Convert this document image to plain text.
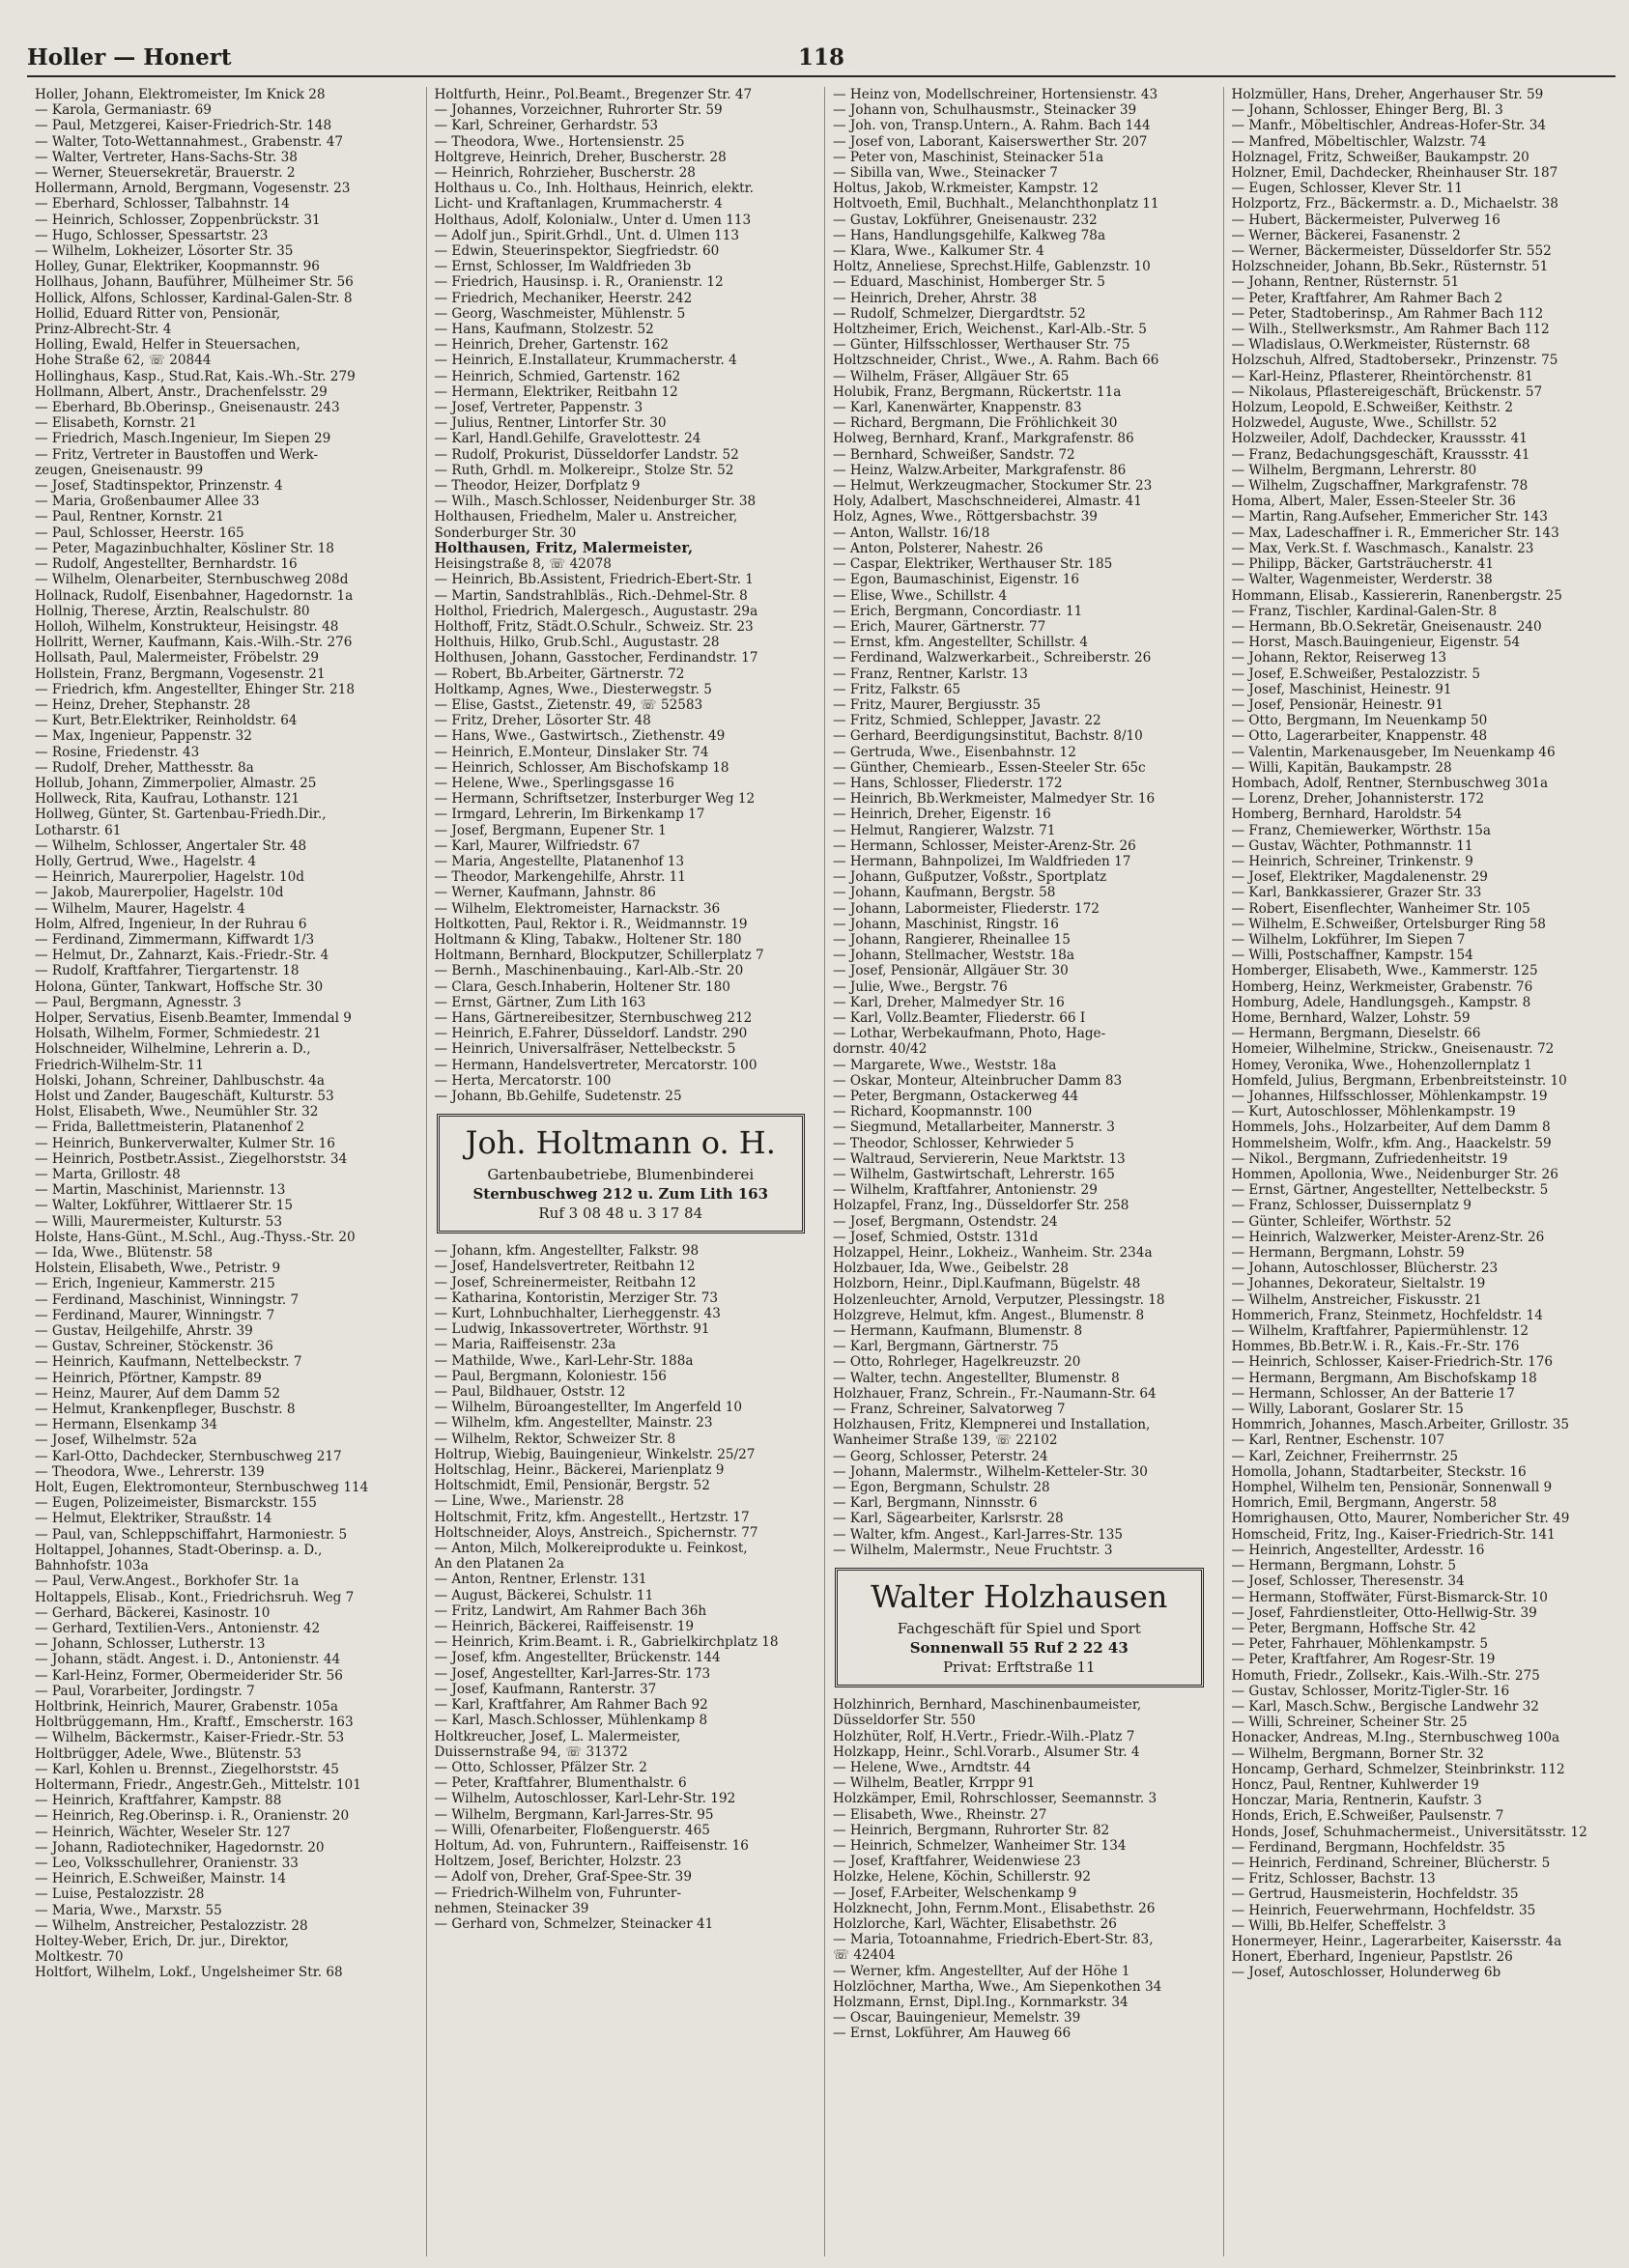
Holler — Honert	118
Holler, Johann, Elektromeister, Im Knick 28
— Karola, Germaniastr. 69
— Paul, Metzgerei, Kaiser-Friedrich-Str. 148
— Walter, Toto-Wettannahmest., Grabenstr. 47
— Walter, Vertreter, Hans-Sachs-Str. 38
— Werner, Steuersekretär, Brauerstr. 2
Hollermann, Arnold, Bergmann, Vogesenstr. 23
— Eberhard, Schlosser, Talbahnstr. 14
— Heinrich, Schlosser, Zoppenbrückstr. 31
— Hugo, Schlosser, Spessartstr. 23
— Wilhelm, Lokheizer, Lösorter Str. 35
Holley, Gunar, Elektriker, Koopmannstr. 96
Hollhaus, Johann, Bauführer, Mülheimer Str. 56
Hollick, Alfons, Schlosser, Kardinal-Galen-Str. 8
Hollid, Eduard Ritter von, Pensionär,
Prinz-Albrecht-Str. 4
Holling, Ewald, Helfer in Steuersachen,
Hohe Straße 62, ☏ 20844
Hollinghaus, Kasp., Stud.Rat, Kais.-Wh.-Str. 279
Hollmann, Albert, Anstr., Drachenfelsstr. 29
— Eberhard, Bb.Oberinsp., Gneisenaustr. 243
— Elisabeth, Kornstr. 21
— Friedrich, Masch.Ingenieur, Im Siepen 29
— Fritz, Vertreter in Baustoffen und Werk-
zeugen, Gneisenaustr. 99
— Josef, Stadtinspektor, Prinzenstr. 4
— Maria, Großenbaumer Allee 33
— Paul, Rentner, Kornstr. 21
— Paul, Schlosser, Heerstr. 165
— Peter, Magazinbuchhalter, Kösliner Str. 18
— Rudolf, Angestellter, Bernhardstr. 16
— Wilhelm, Olenarbeiter, Sternbuschweg 208d
Hollnack, Rudolf, Eisenbahner, Hagedornstr. 1a
Hollnig, Therese, Ärztin, Realschulstr. 80
Holloh, Wilhelm, Konstrukteur, Heisingstr. 48
Hollritt, Werner, Kaufmann, Kais.-Wilh.-Str. 276
Hollsath, Paul, Malermeister, Fröbelstr. 29
Hollstein, Franz, Bergmann, Vogesenstr. 21
— Friedrich, kfm. Angestellter, Ehinger Str. 218
— Heinz, Dreher, Stephanstr. 28
— Kurt, Betr.Elektriker, Reinholdstr. 64
— Max, Ingenieur, Pappenstr. 32
— Rosine, Friedenstr. 43
— Rudolf, Dreher, Matthesstr. 8a
Hollub, Johann, Zimmerpolier, Almastr. 25
Hollweck, Rita, Kaufrau, Lothanstr. 121
Hollweg, Günter, St. Gartenbau-Friedh.Dir.,
Lotharstr. 61
— Wilhelm, Schlosser, Angertaler Str. 48
Holly, Gertrud, Wwe., Hagelstr. 4
— Heinrich, Maurerpolier, Hagelstr. 10d
— Jakob, Maurerpolier, Hagelstr. 10d
— Wilhelm, Maurer, Hagelstr. 4
Holm, Alfred, Ingenieur, In der Ruhrau 6
— Ferdinand, Zimmermann, Kiffwardt 1/3
— Helmut, Dr., Zahnarzt, Kais.-Friedr.-Str. 4
— Rudolf, Kraftfahrer, Tiergartenstr. 18
Holona, Günter, Tankwart, Hoffsche Str. 30
— Paul, Bergmann, Agnesstr. 3
Holper, Servatius, Eisenb.Beamter, Immendal 9
Holsath, Wilhelm, Former, Schmiedestr. 21
Holschneider, Wilhelmine, Lehrerin a. D.,
Friedrich-Wilhelm-Str. 11
Holski, Johann, Schreiner, Dahlbuschstr. 4a
Holst und Zander, Baugeschäft, Kulturstr. 53
Holst, Elisabeth, Wwe., Neumühler Str. 32
— Frida, Ballettmeisterin, Platanenhof 2
— Heinrich, Bunkerverwalter, Kulmer Str. 16
— Heinrich, Postbetr.Assist., Ziegelhorststr. 34
— Marta, Grillostr. 48
— Martin, Maschinist, Mariennstr. 13
— Walter, Lokführer, Wittlaerer Str. 15
— Willi, Maurermeister, Kulturstr. 53
Holste, Hans-Günt., M.Schl., Aug.-Thyss.-Str. 20
— Ida, Wwe., Blütenstr. 58
Holstein, Elisabeth, Wwe., Petristr. 9
— Erich, Ingenieur, Kammerstr. 215
— Ferdinand, Maschinist, Winningstr. 7
— Ferdinand, Maurer, Winningstr. 7
— Gustav, Heilgehilfe, Ahrstr. 39
— Gustav, Schreiner, Stöckenstr. 36
— Heinrich, Kaufmann, Nettelbeckstr. 7
— Heinrich, Pförtner, Kampstr. 89
— Heinz, Maurer, Auf dem Damm 52
— Helmut, Krankenpfleger, Buschstr. 8
— Hermann, Elsenkamp 34
— Josef, Wilhelmstr. 52a
— Karl-Otto, Dachdecker, Sternbuschweg 217
— Theodora, Wwe., Lehrerstr. 139
Holt, Eugen, Elektromonteur, Sternbuschweg 114
— Eugen, Polizeimeister, Bismarckstr. 155
— Helmut, Elektriker, Straußstr. 14
— Paul, van, Schleppschiffahrt, Harmoniestr. 5
Holtappel, Johannes, Stadt-Oberinsp. a. D.,
Bahnhofstr. 103a
— Paul, Verw.Angest., Borkhofer Str. 1a
Holtappels, Elisab., Kont., Friedrichsruh. Weg 7
— Gerhard, Bäckerei, Kasinostr. 10
— Gerhard, Textilien-Vers., Antonienstr. 42
— Johann, Schlosser, Lutherstr. 13
— Johann, städt. Angest. i. D., Antonienstr. 44
— Karl-Heinz, Former, Obermeiderider Str. 56
— Paul, Vorarbeiter, Jordingstr. 7
Holtbrink, Heinrich, Maurer, Grabenstr. 105a
Holtbrüggemann, Hm., Kraftf., Emscherstr. 163
— Wilhelm, Bäckermstr., Kaiser-Friedr.-Str. 53
Holtbrügger, Adele, Wwe., Blütenstr. 53
— Karl, Kohlen u. Brennst., Ziegelhorststr. 45
Holtermann, Friedr., Angestr.Geh., Mittelstr. 101
— Heinrich, Kraftfahrer, Kampstr. 88
— Heinrich, Reg.Oberinsp. i. R., Oranienstr. 20
— Heinrich, Wächter, Weseler Str. 127
— Johann, Radiotechniker, Hagedornstr. 20
— Leo, Volksschullehrer, Oranienstr. 33
— Heinrich, E.Schweißer, Mainstr. 14
— Luise, Pestalozzistr. 28
— Maria, Wwe., Marxstr. 55
— Wilhelm, Anstreicher, Pestalozzistr. 28
Holtey-Weber, Erich, Dr. jur., Direktor,
Moltkestr. 70
Holtfort, Wilhelm, Lokf., Ungelsheimer Str. 68
Holtfurth, Heinr., Pol.Beamt., Bregenzer Str. 47
— Johannes, Vorzeichner, Ruhrorter Str. 59
— Karl, Schreiner, Gerhardstr. 53
— Theodora, Wwe., Hortensienstr. 25
Holtgreve, Heinrich, Dreher, Buscherstr. 28
— Heinrich, Rohrzieher, Buscherstr. 28
Holthaus u. Co., Inh. Holthaus, Heinrich, elektr.
Licht- und Kraftanlagen, Krummacherstr. 4
Holthaus, Adolf, Kolonialw., Unter d. Umen 113
— Adolf jun., Spirit.Grhdl., Unt. d. Ulmen 113
— Edwin, Steuerinspektor, Siegfriedstr. 60
— Ernst, Schlosser, Im Waldfrieden 3b
— Friedrich, Hausinsp. i. R., Oranienstr. 12
— Friedrich, Mechaniker, Heerstr. 242
— Georg, Waschmeister, Mühlenstr. 5
— Hans, Kaufmann, Stolzestr. 52
— Heinrich, Dreher, Gartenstr. 162
— Heinrich, E.Installateur, Krummacherstr. 4
— Heinrich, Schmied, Gartenstr. 162
— Hermann, Elektriker, Reitbahn 12
— Josef, Vertreter, Pappenstr. 3
— Julius, Rentner, Lintorfer Str. 30
— Karl, Handl.Gehilfe, Gravelottestr. 24
— Rudolf, Prokurist, Düsseldorfer Landstr. 52
— Ruth, Grhdl. m. Molkereipr., Stolze Str. 52
— Theodor, Heizer, Dorfplatz 9
— Wilh., Masch.Schlosser, Neidenburger Str. 38
Holthausen, Friedhelm, Maler u. Anstreicher,
Sonderburger Str. 30
Holthausen, Fritz, Malermeister,
Heisingstraße 8, ☏ 42078
— Heinrich, Bb.Assistent, Friedrich-Ebert-Str. 1
— Martin, Sandstrahlbläs., Rich.-Dehmel-Str. 8
Holthol, Friedrich, Malergesch., Augustastr. 29a
Holthoff, Fritz, Städt.O.Schulr., Schweiz. Str. 23
Holthuis, Hilko, Grub.Schl., Augustastr. 28
Holthusen, Johann, Gasstocher, Ferdinandstr. 17
— Robert, Bb.Arbeiter, Gärtnerstr. 72
Holtkamp, Agnes, Wwe., Diesterwegstr. 5
— Elise, Gastst., Zietenstr. 49, ☏ 52583
— Fritz, Dreher, Lösorter Str. 48
— Hans, Wwe., Gastwirtsch., Ziethenstr. 49
— Heinrich, E.Monteur, Dinslaker Str. 74
— Heinrich, Schlosser, Am Bischofskamp 18
— Helene, Wwe., Sperlingsgasse 16
— Hermann, Schriftsetzer, Insterburger Weg 12
— Irmgard, Lehrerin, Im Birkenkamp 17
— Josef, Bergmann, Eupener Str. 1
— Karl, Maurer, Wilfriedstr. 67
— Maria, Angestellte, Platanenhof 13
— Theodor, Markengehilfe, Ahrstr. 11
— Werner, Kaufmann, Jahnstr. 86
— Wilhelm, Elektromeister, Harnackstr. 36
Holtkotten, Paul, Rektor i. R., Weidmannstr. 19
Holtmann & Kling, Tabakw., Holtener Str. 180
Holtmann, Bernhard, Blockputzer, Schillerplatz 7
— Bernh., Maschinenbauing., Karl-Alb.-Str. 20
— Clara, Gesch.Inhaberin, Holtener Str. 180
— Ernst, Gärtner, Zum Lith 163
— Hans, Gärtnereibesitzer, Sternbuschweg 212
— Heinrich, E.Fahrer, Düsseldorf. Landstr. 290
— Heinrich, Universalfräser, Nettelbeckstr. 5
— Hermann, Handelsvertreter, Mercatorstr. 100
— Herta, Mercatorstr. 100
— Johann, Bb.Gehilfe, Sudetenstr. 25
Joh. Holtmann o. H.
Gartenbaubetriebe, Blumenbinderei
Sternbuschweg 212 u. Zum Lith 163
Ruf 3 08 48 u. 3 17 84
— Johann, kfm. Angestellter, Falkstr. 98
— Josef, Handelsvertreter, Reitbahn 12
— Josef, Schreinermeister, Reitbahn 12
— Katharina, Kontoristin, Merziger Str. 73
— Kurt, Lohnbuchhalter, Lierheggenstr. 43
— Ludwig, Inkassovertreter, Wörthstr. 91
— Maria, Raiffeisenstr. 23a
— Mathilde, Wwe., Karl-Lehr-Str. 188a
— Paul, Bergmann, Koloniestr. 156
— Paul, Bildhauer, Oststr. 12
— Wilhelm, Büroangestellter, Im Angerfeld 10
— Wilhelm, kfm. Angestellter, Mainstr. 23
— Wilhelm, Rektor, Schweizer Str. 8
Holtrup, Wiebig, Bauingenieur, Winkelstr. 25/27
Holtschlag, Heinr., Bäckerei, Marienplatz 9
Holtschmidt, Emil, Pensionär, Bergstr. 52
— Line, Wwe., Marienstr. 28
Holtschmit, Fritz, kfm. Angestellt., Hertzstr. 17
Holtschneider, Aloys, Anstreich., Spichernstr. 77
— Anton, Milch, Molkereiprodukte u. Feinkost,
An den Platanen 2a
— Anton, Rentner, Erlenstr. 131
— August, Bäckerei, Schulstr. 11
— Fritz, Landwirt, Am Rahmer Bach 36h
— Heinrich, Bäckerei, Raiffeisenstr. 19
— Heinrich, Krim.Beamt. i. R., Gabrielkirchplatz 18
— Josef, kfm. Angestellter, Brückenstr. 144
— Josef, Angestellter, Karl-Jarres-Str. 173
— Josef, Kaufmann, Ranterstr. 37
— Karl, Kraftfahrer, Am Rahmer Bach 92
— Karl, Masch.Schlosser, Mühlenkamp 8
Holtkreucher, Josef, L. Malermeister,
Duissernstraße 94, ☏ 31372
— Otto, Schlosser, Pfälzer Str. 2
— Peter, Kraftfahrer, Blumenthalstr. 6
— Wilhelm, Autoschlosser, Karl-Lehr-Str. 192
— Wilhelm, Bergmann, Karl-Jarres-Str. 95
— Willi, Ofenarbeiter, Floßenguerstr. 465
Holtum, Ad. von, Fuhruntern., Raiffeisenstr. 16
Holtzem, Josef, Berichter, Holzstr. 23
— Adolf von, Dreher, Graf-Spee-Str. 39
— Friedrich-Wilhelm von, Fuhrunter-
nehmen, Steinacker 39
— Gerhard von, Schmelzer, Steinacker 41
— Heinz von, Modellschreiner, Hortensienstr. 43
— Johann von, Schulhausmstr., Steinacker 39
— Joh. von, Transp.Untern., A. Rahm. Bach 144
— Josef von, Laborant, Kaiserswerther Str. 207
— Peter von, Maschinist, Steinacker 51a
— Sibilla van, Wwe., Steinacker 7
Holtus, Jakob, W.rkmeister, Kampstr. 12
Holtvoeth, Emil, Buchhalt., Melanchthonplatz 11
— Gustav, Lokführer, Gneisenaustr. 232
— Hans, Handlungsgehilfe, Kalkweg 78a
— Klara, Wwe., Kalkumer Str. 4
Holtz, Anneliese, Sprechst.Hilfe, Gablenzstr. 10
— Eduard, Maschinist, Homberger Str. 5
— Heinrich, Dreher, Ahrstr. 38
— Rudolf, Schmelzer, Diergardtstr. 52
Holtzheimer, Erich, Weichenst., Karl-Alb.-Str. 5
— Günter, Hilfsschlosser, Werthauser Str. 75
Holtzschneider, Christ., Wwe., A. Rahm. Bach 66
— Wilhelm, Fräser, Allgäuer Str. 65
Holubik, Franz, Bergmann, Rückertstr. 11a
— Karl, Kanenwärter, Knappenstr. 83
— Richard, Bergmann, Die Fröhlichkeit 30
Holweg, Bernhard, Kranf., Markgrafenstr. 86
— Bernhard, Schweißer, Sandstr. 72
— Heinz, Walzw.Arbeiter, Markgrafenstr. 86
— Helmut, Werkzeugmacher, Stockumer Str. 23
Holy, Adalbert, Maschschneiderei, Almastr. 41
Holz, Agnes, Wwe., Röttgersbachstr. 39
— Anton, Wallstr. 16/18
— Anton, Polsterer, Nahestr. 26
— Caspar, Elektriker, Werthauser Str. 185
— Egon, Baumaschinist, Eigenstr. 16
— Elise, Wwe., Schillstr. 4
— Erich, Bergmann, Concordiastr. 11
— Erich, Maurer, Gärtnerstr. 77
— Ernst, kfm. Angestellter, Schillstr. 4
— Ferdinand, Walzwerkarbeit., Schreiberstr. 26
— Franz, Rentner, Karlstr. 13
— Fritz, Falkstr. 65
— Fritz, Maurer, Bergiusstr. 35
— Fritz, Schmied, Schlepper, Javastr. 22
— Gerhard, Beerdigungsinstitut, Bachstr. 8/10
— Gertruda, Wwe., Eisenbahnstr. 12
— Günther, Chemiearb., Essen-Steeler Str. 65c
— Hans, Schlosser, Fliederstr. 172
— Heinrich, Bb.Werkmeister, Malmedyer Str. 16
— Heinrich, Dreher, Eigenstr. 16
— Helmut, Rangierer, Walzstr. 71
— Hermann, Schlosser, Meister-Arenz-Str. 26
— Hermann, Bahnpolizei, Im Waldfrieden 17
— Johann, Gußputzer, Voßstr., Sportplatz
— Johann, Kaufmann, Bergstr. 58
— Johann, Labormeister, Fliederstr. 172
— Johann, Maschinist, Ringstr. 16
— Johann, Rangierer, Rheinallee 15
— Johann, Stellmacher, Weststr. 18a
— Josef, Pensionär, Allgäuer Str. 30
— Julie, Wwe., Bergstr. 76
— Karl, Dreher, Malmedyer Str. 16
— Karl, Vollz.Beamter, Fliederstr. 66 I
— Lothar, Werbekaufmann, Photo, Hage-
dornstr. 40/42
— Margarete, Wwe., Weststr. 18a
— Oskar, Monteur, Alteinbrucher Damm 83
— Peter, Bergmann, Ostackerweg 44
— Richard, Koopmannstr. 100
— Siegmund, Metallarbeiter, Mannerstr. 3
— Theodor, Schlosser, Kehrwieder 5
— Waltraud, Serviererin, Neue Marktstr. 13
— Wilhelm, Gastwirtschaft, Lehrerstr. 165
— Wilhelm, Kraftfahrer, Antonienstr. 29
Holzapfel, Franz, Ing., Düsseldorfer Str. 258
— Josef, Bergmann, Ostendstr. 24
— Josef, Schmied, Oststr. 131d
Holzappel, Heinr., Lokheiz., Wanheim. Str. 234a
Holzbauer, Ida, Wwe., Geibelstr. 28
Holzborn, Heinr., Dipl.Kaufmann, Bügelstr. 48
Holzenleuchter, Arnold, Verputzer, Plessingstr. 18
Holzgreve, Helmut, kfm. Angest., Blumenstr. 8
— Hermann, Kaufmann, Blumenstr. 8
— Karl, Bergmann, Gärtnerstr. 75
— Otto, Rohrleger, Hagelkreuzstr. 20
— Walter, techn. Angestellter, Blumenstr. 8
Holzhauer, Franz, Schrein., Fr.-Naumann-Str. 64
— Franz, Schreiner, Salvatorweg 7
Holzhausen, Fritz, Klempnerei und Installation,
Wanheimer Straße 139, ☏ 22102
— Georg, Schlosser, Peterstr. 24
— Johann, Malermstr., Wilhelm-Ketteler-Str. 30
— Egon, Bergmann, Schulstr. 28
— Karl, Bergmann, Ninnsstr. 6
— Karl, Sägearbeiter, Karlsrstr. 28
— Walter, kfm. Angest., Karl-Jarres-Str. 135
— Wilhelm, Malermstr., Neue Fruchtstr. 3
Walter Holzhausen
Fachgeschäft für Spiel und Sport
Sonnenwall 55 Ruf 2 22 43
Privat: Erftstraße 11
Holzhinrich, Bernhard, Maschinenbaumeister,
Düsseldorfer Str. 550
Holzhüter, Rolf, H.Vertr., Friedr.-Wilh.-Platz 7
Holzkapp, Heinr., Schl.Vorarb., Alsumer Str. 4
— Helene, Wwe., Arndtstr. 44
— Wilhelm, Beatler, Krrppr 91
Holzkämper, Emil, Rohrschlosser, Seemannstr. 3
— Elisabeth, Wwe., Rheinstr. 27
— Heinrich, Bergmann, Ruhrorter Str. 82
— Heinrich, Schmelzer, Wanheimer Str. 134
— Josef, Kraftfahrer, Weidenwiese 23
Holzke, Helene, Köchin, Schillerstr. 92
— Josef, F.Arbeiter, Welschenkamp 9
Holzknecht, John, Fernm.Mont., Elisabethstr. 26
Holzlorche, Karl, Wächter, Elisabethstr. 26
— Maria, Totoannahme, Friedrich-Ebert-Str. 83,
☏ 42404
— Werner, kfm. Angestellter, Auf der Höhe 1
Holzlöchner, Martha, Wwe., Am Siepenkothen 34
Holzmann, Ernst, Dipl.Ing., Kornmarkstr. 34
— Oscar, Bauingenieur, Memelstr. 39
— Ernst, Lokführer, Am Hauweg 66
Holzmüller, Hans, Dreher, Angerhauser Str. 59
— Johann, Schlosser, Ehinger Berg, Bl. 3
— Manfr., Möbeltischler, Andreas-Hofer-Str. 34
— Manfred, Möbeltischler, Walzstr. 74
Holznagel, Fritz, Schweißer, Baukampstr. 20
Holzner, Emil, Dachdecker, Rheinhauser Str. 187
— Eugen, Schlosser, Klever Str. 11
Holzportz, Frz., Bäckermstr. a. D., Michaelstr. 38
— Hubert, Bäckermeister, Pulverweg 16
— Werner, Bäckerei, Fasanenstr. 2
— Werner, Bäckermeister, Düsseldorfer Str. 552
Holzschneider, Johann, Bb.Sekr., Rüsternstr. 51
— Johann, Rentner, Rüsternstr. 51
— Peter, Kraftfahrer, Am Rahmer Bach 2
— Peter, Stadtoberinsp., Am Rahmer Bach 112
— Wilh., Stellwerksmstr., Am Rahmer Bach 112
— Wladislaus, O.Werkmeister, Rüsternstr. 68
Holzschuh, Alfred, Stadtobersekr., Prinzenstr. 75
— Karl-Heinz, Pflasterer, Rheintörchenstr. 81
— Nikolaus, Pflastereigeschäft, Brückenstr. 57
Holzum, Leopold, E.Schweißer, Keithstr. 2
Holzwedel, Auguste, Wwe., Schillstr. 52
Holzweiler, Adolf, Dachdecker, Kraussstr. 41
— Franz, Bedachungsgeschäft, Kraussstr. 41
— Wilhelm, Bergmann, Lehrerstr. 80
— Wilhelm, Zugschaffner, Markgrafenstr. 78
Homa, Albert, Maler, Essen-Steeler Str. 36
— Martin, Rang.Aufseher, Emmericher Str. 143
— Max, Ladeschaffner i. R., Emmericher Str. 143
— Max, Verk.St. f. Waschmasch., Kanalstr. 23
— Philipp, Bäcker, Gartsträucherstr. 41
— Walter, Wagenmeister, Werderstr. 38
Hommann, Elisab., Kassiererin, Ranenbergstr. 25
— Franz, Tischler, Kardinal-Galen-Str. 8
— Hermann, Bb.O.Sekretär, Gneisenaustr. 240
— Horst, Masch.Bauingenieur, Eigenstr. 54
— Johann, Rektor, Reiserweg 13
— Josef, E.Schweißer, Pestalozzistr. 5
— Josef, Maschinist, Heinestr. 91
— Josef, Pensionär, Heinestr. 91
— Otto, Bergmann, Im Neuenkamp 50
— Otto, Lagerarbeiter, Knappenstr. 48
— Valentin, Markenausgeber, Im Neuenkamp 46
— Willi, Kapitän, Baukampstr. 28
Hombach, Adolf, Rentner, Sternbuschweg 301a
— Lorenz, Dreher, Johannisterstr. 172
Homberg, Bernhard, Haroldstr. 54
— Franz, Chemiewerker, Wörthstr. 15a
— Gustav, Wächter, Pothmannstr. 11
— Heinrich, Schreiner, Trinkenstr. 9
— Josef, Elektriker, Magdalenenstr. 29
— Karl, Bankkassierer, Grazer Str. 33
— Robert, Eisenflechter, Wanheimer Str. 105
— Wilhelm, E.Schweißer, Ortelsburger Ring 58
— Wilhelm, Lokführer, Im Siepen 7
— Willi, Postschaffner, Kampstr. 154
Homberger, Elisabeth, Wwe., Kammerstr. 125
Homberg, Heinz, Werkmeister, Grabenstr. 76
Homburg, Adele, Handlungsgeh., Kampstr. 8
Home, Bernhard, Walzer, Lohstr. 59
— Hermann, Bergmann, Dieselstr. 66
Homeier, Wilhelmine, Strickw., Gneisenaustr. 72
Homey, Veronika, Wwe., Hohenzollernplatz 1
Homfeld, Julius, Bergmann, Erbenbreitsteinstr. 10
— Johannes, Hilfsschlosser, Möhlenkampstr. 19
— Kurt, Autoschlosser, Möhlenkampstr. 19
Hommels, Johs., Holzarbeiter, Auf dem Damm 8
Hommelsheim, Wolfr., kfm. Ang., Haackelstr. 59
— Nikol., Bergmann, Zufriedenheitstr. 19
Hommen, Apollonia, Wwe., Neidenburger Str. 26
— Ernst, Gärtner, Angestellter, Nettelbeckstr. 5
— Franz, Schlosser, Duissernplatz 9
— Günter, Schleifer, Wörthstr. 52
— Heinrich, Walzwerker, Meister-Arenz-Str. 26
— Hermann, Bergmann, Lohstr. 59
— Johann, Autoschlosser, Blücherstr. 23
— Johannes, Dekorateur, Sieltalstr. 19
— Wilhelm, Anstreicher, Fiskusstr. 21
Hommerich, Franz, Steinmetz, Hochfeldstr. 14
— Wilhelm, Kraftfahrer, Papiermühlenstr. 12
Hommes, Bb.Betr.W. i. R., Kais.-Fr.-Str. 176
— Heinrich, Schlosser, Kaiser-Friedrich-Str. 176
— Hermann, Bergmann, Am Bischofskamp 18
— Hermann, Schlosser, An der Batterie 17
— Willy, Laborant, Goslarer Str. 15
Hommrich, Johannes, Masch.Arbeiter, Grillostr. 35
— Karl, Rentner, Eschenstr. 107
— Karl, Zeichner, Freiherrnstr. 25
Homolla, Johann, Stadtarbeiter, Steckstr. 16
Homphel, Wilhelm ten, Pensionär, Sonnenwall 9
Homrich, Emil, Bergmann, Angerstr. 58
Homrighausen, Otto, Maurer, Nombericher Str. 49
Homscheid, Fritz, Ing., Kaiser-Friedrich-Str. 141
— Heinrich, Angestellter, Ardesstr. 16
— Hermann, Bergmann, Lohstr. 5
— Josef, Schlosser, Theresenstr. 34
— Hermann, Stoffwäter, Fürst-Bismarck-Str. 10
— Josef, Fahrdienstleiter, Otto-Hellwig-Str. 39
— Peter, Bergmann, Hoffsche Str. 42
— Peter, Fahrhauer, Möhlenkampstr. 5
— Peter, Kraftfahrer, Am Rogesr-Str. 19
Homuth, Friedr., Zollsekr., Kais.-Wilh.-Str. 275
— Gustav, Schlosser, Moritz-Tigler-Str. 16
— Karl, Masch.Schw., Bergische Landwehr 32
— Willi, Schreiner, Scheiner Str. 25
Honacker, Andreas, M.Ing., Sternbuschweg 100a
— Wilhelm, Bergmann, Borner Str. 32
Honcamp, Gerhard, Schmelzer, Steinbrinkstr. 112
Honcz, Paul, Rentner, Kuhlwerder 19
Honczar, Maria, Rentnerin, Kaufstr. 3
Honds, Erich, E.Schweißer, Paulsenstr. 7
Honds, Josef, Schuhmachermeist., Universitätsstr. 12
— Ferdinand, Bergmann, Hochfeldstr. 35
— Heinrich, Ferdinand, Schreiner, Blücherstr. 5
— Fritz, Schlosser, Bachstr. 13
— Gertrud, Hausmeisterin, Hochfeldstr. 35
— Heinrich, Feuerwehrmann, Hochfeldstr. 35
— Willi, Bb.Helfer, Scheffelstr. 3
Honermeyer, Heinr., Lagerarbeiter, Kaisersstr. 4a
Honert, Eberhard, Ingenieur, Papstlstr. 26
— Josef, Autoschlosser, Holunderweg 6b
